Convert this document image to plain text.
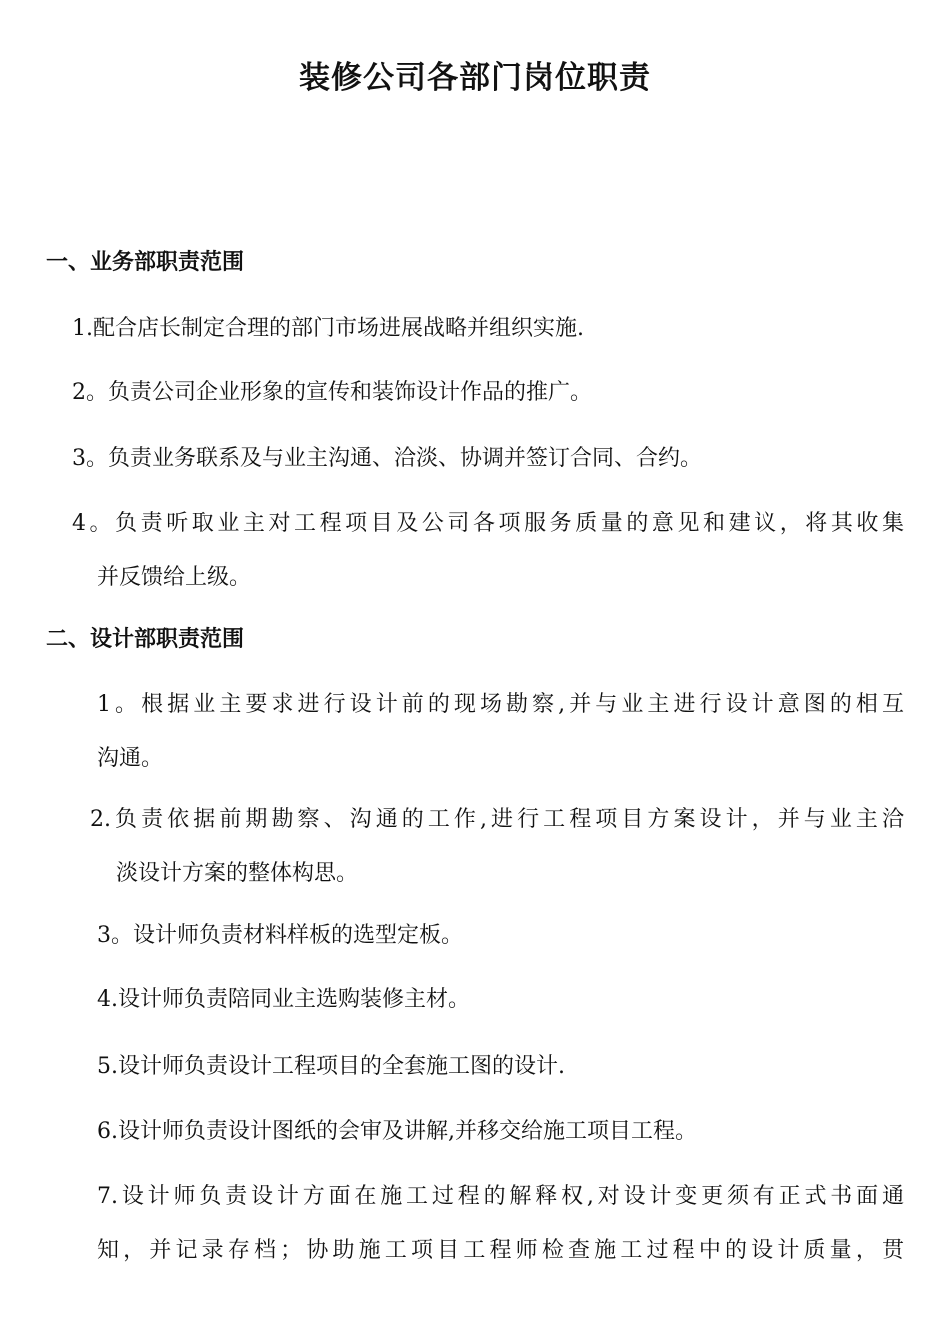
装修公司各部门岗位职责
一、业务部职责范围
1.配合店长制定合理的部门市场进展战略并组织实施.
2。负责公司企业形象的宣传和装饰设计作品的推广。
3。负责业务联系及与业主沟通、洽淡、协调并签订合同、合约。
4。负责听取业主对工程项目及公司各项服务质量的意见和建议，将其收集
并反馈给上级。
二、设计部职责范围
1。根据业主要求进行设计前的现场勘察,并与业主进行设计意图的相互
沟通。
2.负责依据前期勘察、沟通的工作,进行工程项目方案设计，并与业主洽
淡设计方案的整体构思。
3。设计师负责材料样板的选型定板。
4.设计师负责陪同业主选购装修主材。
5.设计师负责设计工程项目的全套施工图的设计.
6.设计师负责设计图纸的会审及讲解,并移交给施工项目工程。
7.设计师负责设计方面在施工过程的解释权,对设计变更须有正式书面通
知，并记录存档；协助施工项目工程师检查施工过程中的设计质量，贯
